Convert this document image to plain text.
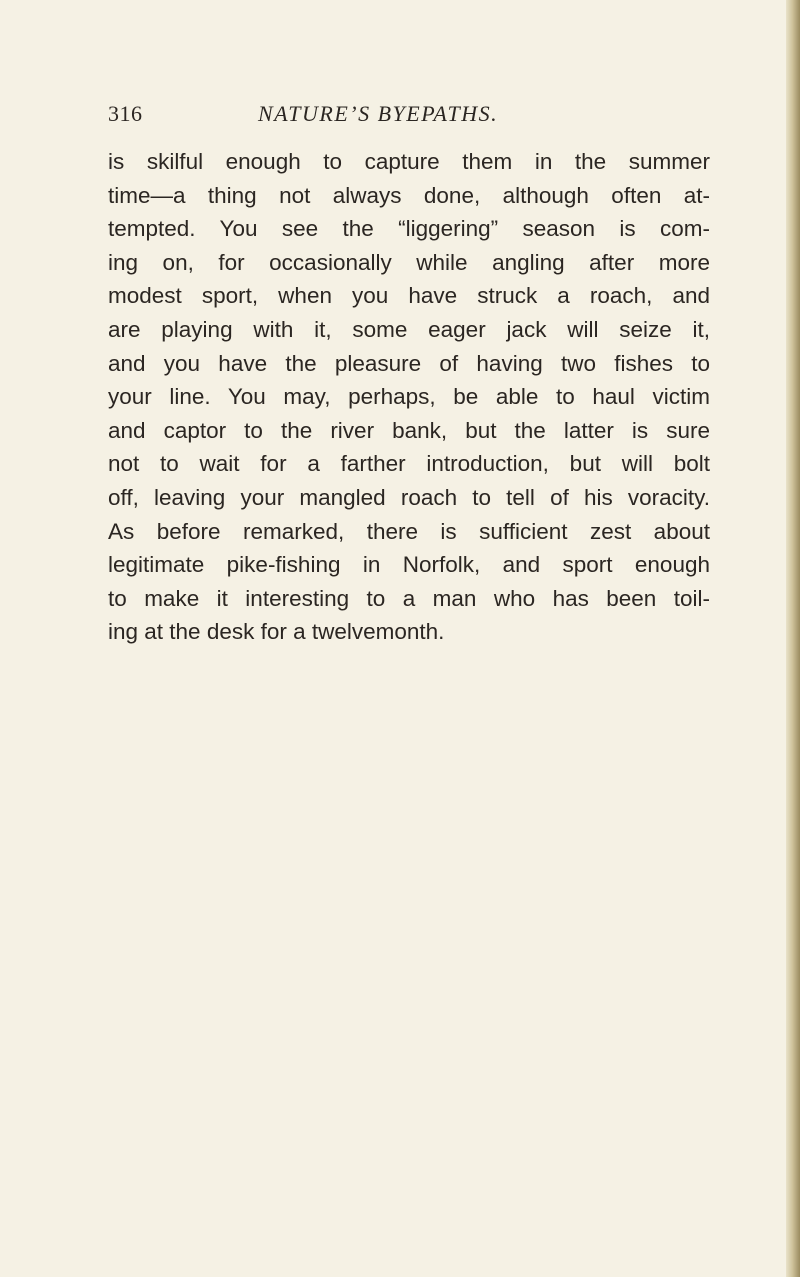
316	NATURE’S BYEPATHS.

is skilful enough to capture them in the summer
time—a thing not always done, although often at-
tempted. You see the “liggering” season is com-
ing on, for occasionally while angling after more
modest sport, when you have struck a roach, and
are playing with it, some eager jack will seize it,
and you have the pleasure of having two fishes to
your line. You may, perhaps, be able to haul victim
and captor to the river bank, but the latter is sure
not to wait for a farther introduction, but will bolt
off, leaving your mangled roach to tell of his voracity.
As before remarked, there is sufficient zest about
legitimate pike-fishing in Norfolk, and sport enough
to make it interesting to a man who has been toil-
ing at the desk for a twelvemonth.
